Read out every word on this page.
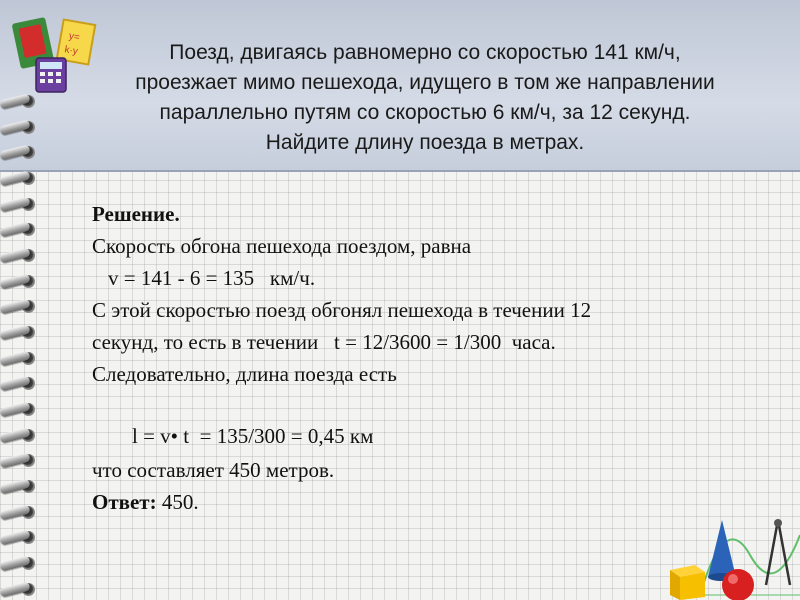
y=
k·y	Поезд, двигаясь равномерно со скоростью 141 км/ч, проезжает мимо пешехода, идущего в том же направлении параллельно путям со скоростью 6 км/ч, за 12 секунд. Найдите длину поезда в метрах.

Решение.
Скорость обгона пешехода поездом, равна
v = 141 - 6 = 135   км/ч.
С этой скоростью поезд обгонял пешехода в течении 12
секунд, то есть в течении   t = 12/3600 = 1/300  часа.
Следовательно, длина поезда есть
l = v• t  = 135/300 = 0,45 км
что составляет 450 метров.
Ответ: 450.
